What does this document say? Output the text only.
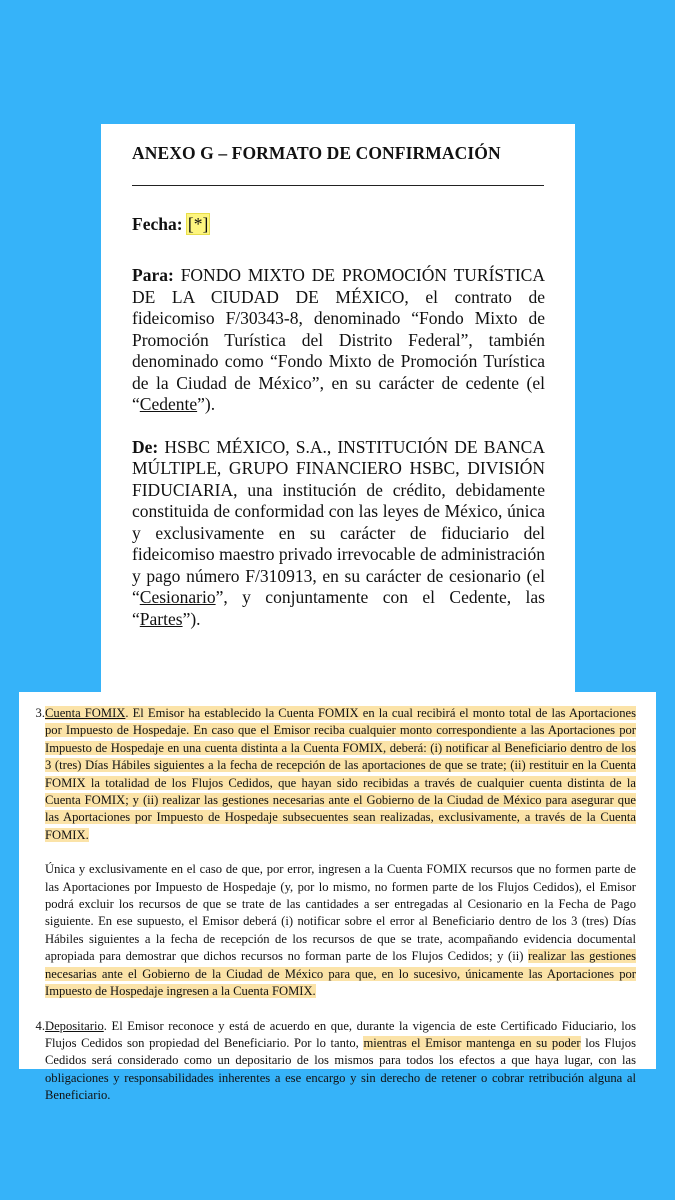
ANEXO G – FORMATO DE CONFIRMACIÓN

Fecha: [*]
Para: FONDO MIXTO DE PROMOCIÓN TURÍSTICA DE LA CIUDAD DE MÉXICO, el contrato de fideicomiso F/30343-8, denominado “Fondo Mixto de Promoción Turística del Distrito Federal”, también denominado como “Fondo Mixto de Promoción Turística de la Ciudad de México”, en su carácter de cedente (el “Cedente”).
De: HSBC MÉXICO, S.A., INSTITUCIÓN DE BANCA MÚLTIPLE, GRUPO FINANCIERO HSBC, DIVISIÓN FIDUCIARIA, una institución de crédito, debidamente constituida de conformidad con las leyes de México, única y exclusivamente en su carácter de fiduciario del fideicomiso maestro privado irrevocable de administración y pago número F/310913, en su carácter de cesionario (el “Cesionario”, y conjuntamente con el Cedente, las “Partes”).
3. Cuenta FOMIX. El Emisor ha establecido la Cuenta FOMIX en la cual recibirá el monto total de las Aportaciones por Impuesto de Hospedaje. En caso que el Emisor reciba cualquier monto correspondiente a las Aportaciones por Impuesto de Hospedaje en una cuenta distinta a la Cuenta FOMIX, deberá: (i) notificar al Beneficiario dentro de los 3 (tres) Días Hábiles siguientes a la fecha de recepción de las aportaciones de que se trate; (ii) restituir en la Cuenta FOMIX la totalidad de los Flujos Cedidos, que hayan sido recibidas a través de cualquier cuenta distinta de la Cuenta FOMIX; y (ii) realizar las gestiones necesarias ante el Gobierno de la Ciudad de México para asegurar que las Aportaciones por Impuesto de Hospedaje subsecuentes sean realizadas, exclusivamente, a través de la Cuenta FOMIX.
Única y exclusivamente en el caso de que, por error, ingresen a la Cuenta FOMIX recursos que no formen parte de las Aportaciones por Impuesto de Hospedaje (y, por lo mismo, no formen parte de los Flujos Cedidos), el Emisor podrá excluir los recursos de que se trate de las cantidades a ser entregadas al Cesionario en la Fecha de Pago siguiente. En ese supuesto, el Emisor deberá (i) notificar sobre el error al Beneficiario dentro de los 3 (tres) Días Hábiles siguientes a la fecha de recepción de los recursos de que se trate, acompañando evidencia documental apropiada para demostrar que dichos recursos no forman parte de los Flujos Cedidos; y (ii) realizar las gestiones necesarias ante el Gobierno de la Ciudad de México para que, en lo sucesivo, únicamente las Aportaciones por Impuesto de Hospedaje ingresen a la Cuenta FOMIX.
4. Depositario. El Emisor reconoce y está de acuerdo en que, durante la vigencia de este Certificado Fiduciario, los Flujos Cedidos son propiedad del Beneficiario. Por lo tanto, mientras el Emisor mantenga en su poder los Flujos Cedidos será considerado como un depositario de los mismos para todos los efectos a que haya lugar, con las obligaciones y responsabilidades inherentes a ese encargo y sin derecho de retener o cobrar retribución alguna al Beneficiario.
